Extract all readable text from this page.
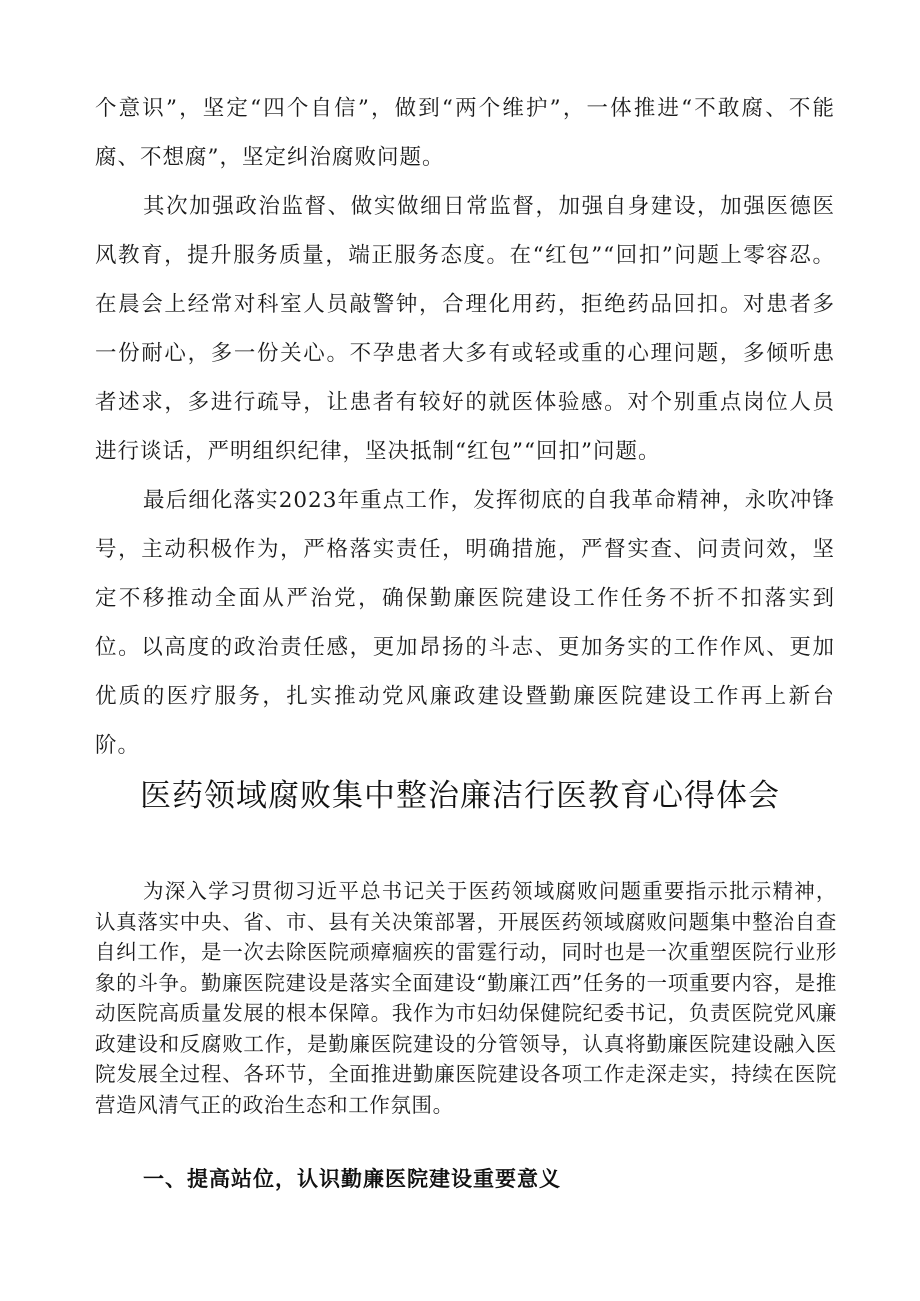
个意识”，坚定“四个自信”，做到“两个维护”，一体推进“不敢腐、不能腐、不想腐”，坚定纠治腐败问题。

其次加强政治监督、做实做细日常监督，加强自身建设，加强医德医风教育，提升服务质量，端正服务态度。在“红包”“回扣”问题上零容忍。在晨会上经常对科室人员敲警钟，合理化用药，拒绝药品回扣。对患者多一份耐心，多一份关心。不孕患者大多有或轻或重的心理问题，多倾听患者述求，多进行疏导，让患者有较好的就医体验感。对个别重点岗位人员进行谈话，严明组织纪律，坚决抵制“红包”“回扣”问题。

最后细化落实2023年重点工作，发挥彻底的自我革命精神，永吹冲锋号，主动积极作为，严格落实责任，明确措施，严督实查、问责问效，坚定不移推动全面从严治党，确保勤廉医院建设工作任务不折不扣落实到位。以高度的政治责任感，更加昂扬的斗志、更加务实的工作作风、更加优质的医疗服务，扎实推动党风廉政建设暨勤廉医院建设工作再上新台阶。

医药领域腐败集中整治廉洁行医教育心得体会

为深入学习贯彻习近平总书记关于医药领域腐败问题重要指示批示精神，认真落实中央、省、市、县有关决策部署，开展医药领域腐败问题集中整治自查自纠工作，是一次去除医院顽瘴痼疾的雷霆行动，同时也是一次重塑医院行业形象的斗争。勤廉医院建设是落实全面建设“勤廉江西”任务的一项重要内容，是推动医院高质量发展的根本保障。我作为市妇幼保健院纪委书记，负责医院党风廉政建设和反腐败工作，是勤廉医院建设的分管领导，认真将勤廉医院建设融入医院发展全过程、各环节，全面推进勤廉医院建设各项工作走深走实，持续在医院营造风清气正的政治生态和工作氛围。

一、提高站位，认识勤廉医院建设重要意义
